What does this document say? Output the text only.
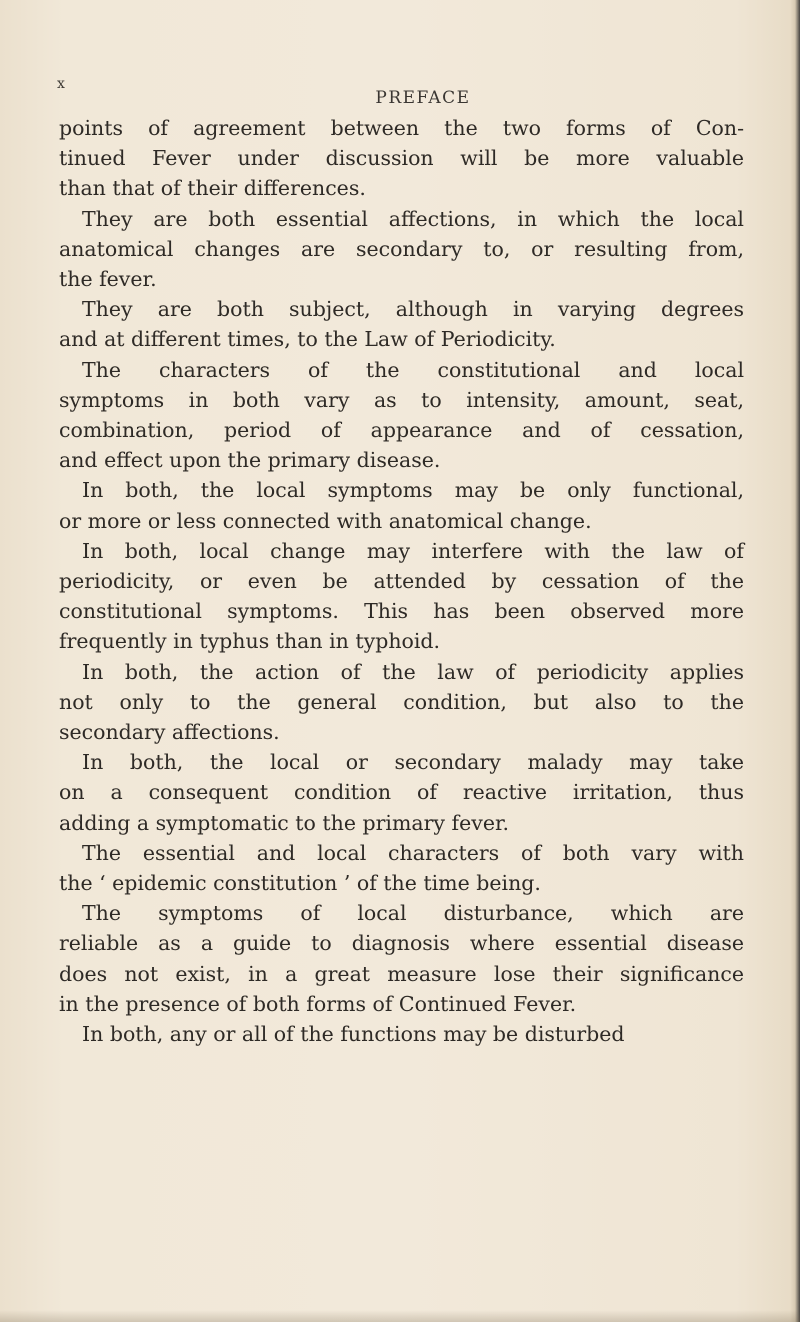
x
PREFACE
points of agreement between the two forms of Con-
tinued Fever under discussion will be more valuable
than that of their differences.
They are both essential affections, in which the local
anatomical changes are secondary to, or resulting from,
the fever.
They are both subject, although in varying degrees
and at different times, to the Law of Periodicity.
The characters of the constitutional and local
symptoms in both vary as to intensity, amount, seat,
combination, period of appearance and of cessation,
and effect upon the primary disease.
In both, the local symptoms may be only functional,
or more or less connected with anatomical change.
In both, local change may interfere with the law of
periodicity, or even be attended by cessation of the
constitutional symptoms. This has been observed more
frequently in typhus than in typhoid.
In both, the action of the law of periodicity applies
not only to the general condition, but also to the
secondary affections.
In both, the local or secondary malady may take
on a consequent condition of reactive irritation, thus
adding a symptomatic to the primary fever.
The essential and local characters of both vary with
the ‘ epidemic constitution ’ of the time being.
The symptoms of local disturbance, which are
reliable as a guide to diagnosis where essential disease
does not exist, in a great measure lose their significance
in the presence of both forms of Continued Fever.
In both, any or all of the functions may be disturbed
